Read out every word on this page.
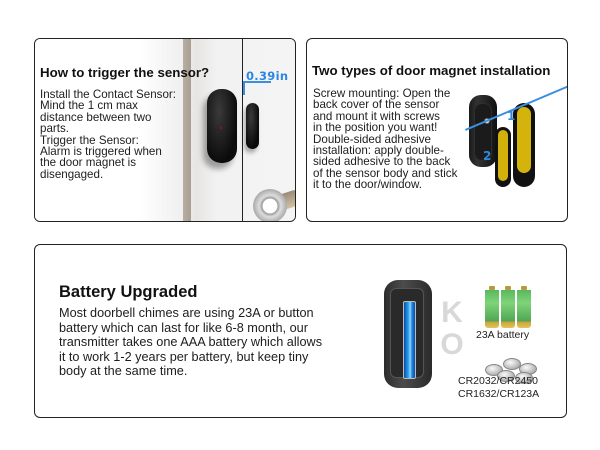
0.39in
How to trigger the sensor?
Install the Contact Sensor:
Mind the 1 cm max
distance between two
parts.
Trigger the Sensor:
Alarm is triggered when
the door magnet is
disengaged.
Two types of door magnet installation
Screw mounting: Open the
back cover of the sensor
and mount it with screws
in the position you want!
Double-sided adhesive
installation: apply double-
sided adhesive to the back
of the sensor body and stick
it to the door/window.
1
2
Battery Upgraded
Most doorbell chimes are using 23A or button
battery which can last for like 6-8 month, our
transmitter takes one AAA battery which allows
it to work 1-2 years per battery, but keep tiny
body at the same time.
K
O 23A battery
CR2032/CR2450
CR1632/CR123A
